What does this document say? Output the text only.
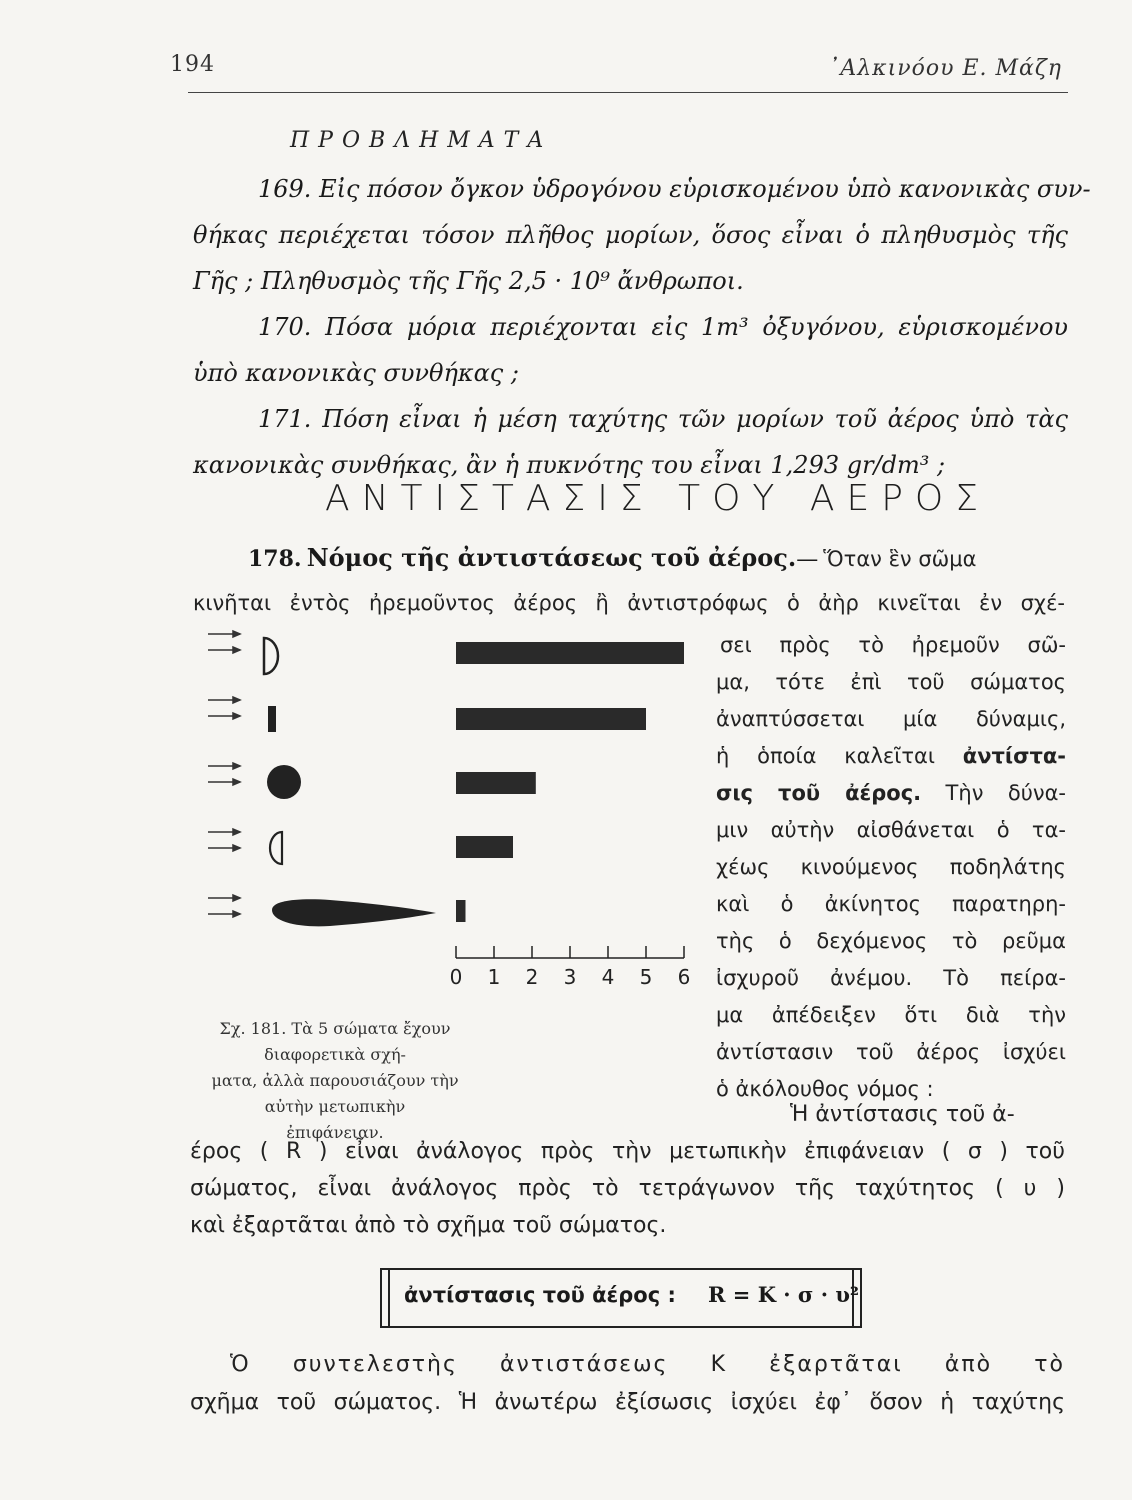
194	᾿Αλκινόου Ε. Μάζη
ΠΡΟΒΛΗΜΑΤΑ
169. Εἰς πόσον ὄγκον ὑδρογόνου εὑρισκομένου ὑπὸ κανονικὰς συν-
θήκας περιέχεται τόσον πλῆθος μορίων, ὅσος εἶναι ὁ πληθυσμὸς τῆς
Γῆς ; Πληθυσμὸς τῆς Γῆς 2,5 · 10⁹ ἄνθρωποι.
170. Πόσα μόρια περιέχονται εἰς 1m³ ὀξυγόνου, εὑρισκομένου
ὑπὸ κανονικὰς συνθήκας ;
171. Πόση εἶναι ἡ μέση ταχύτης τῶν μορίων τοῦ ἀέρος ὑπὸ τὰς
κανονικὰς συνθήκας, ἂν ἡ πυκνότης του εἶναι 1,293 gr/dm³ ;
ΑΝΤΙΣΤΑΣΙΣ ΤΟΥ ΑΕΡΟΣ
178. Νόμος τῆς ἀντιστάσεως τοῦ ἀέρος.— Ὅταν ἓν σῶμα
κινῆται ἐντὸς ἠρεμοῦντος ἀέρος ἢ ἀντιστρόφως ὁ ἀὴρ κινεῖται ἐν σχέ-
σει πρὸς τὸ ἠρεμοῦν σῶ-
μα, τότε ἐπὶ τοῦ σώματος
ἀναπτύσσεται μία δύναμις,
ἡ ὁποία καλεῖται ἀντίστα-
σις τοῦ ἀέρος. Τὴν δύνα-
μιν αὐτὴν αἰσθάνεται ὁ τα-
χέως κινούμενος ποδηλάτης
καὶ ὁ ἀκίνητος παρατηρη-
τὴς ὁ δεχόμενος τὸ ρεῦμα
ἰσχυροῦ ἀνέμου. Τὸ πείρα-
μα ἀπέδειξεν ὅτι διὰ τὴν
ἀντίστασιν τοῦ ἀέρος ἰσχύει
ὁ ἀκόλουθος νόμος :
0 1 2 3 4 5 6
Σχ. 181. Τὰ 5 σώματα ἔχουν διαφορετικὰ σχή-
ματα, ἀλλὰ παρουσιάζουν τὴν αὐτὴν μετωπικὴν
ἐπιφάνειαν.
Ἡ ἀντίστασις τοῦ ἀ-
έρος ( R ) εἶναι ἀνάλογος πρὸς τὴν μετωπικὴν ἐπιφάνειαν ( σ ) τοῦ
σώματος, εἶναι ἀνάλογος πρὸς τὸ τετράγωνον τῆς ταχύτητος ( υ )
καὶ ἐξαρτᾶται ἀπὸ τὸ σχῆμα τοῦ σώματος.
ἀντίστασις τοῦ ἀέρος : R = K · σ · υ²
Ὁ συντελεστὴς ἀντιστάσεως K ἐξαρτᾶται ἀπὸ τὸ
σχῆμα τοῦ σώματος. Ἡ ἀνωτέρω ἐξίσωσις ἰσχύει ἐφ᾿ ὅσον ἡ ταχύτης
